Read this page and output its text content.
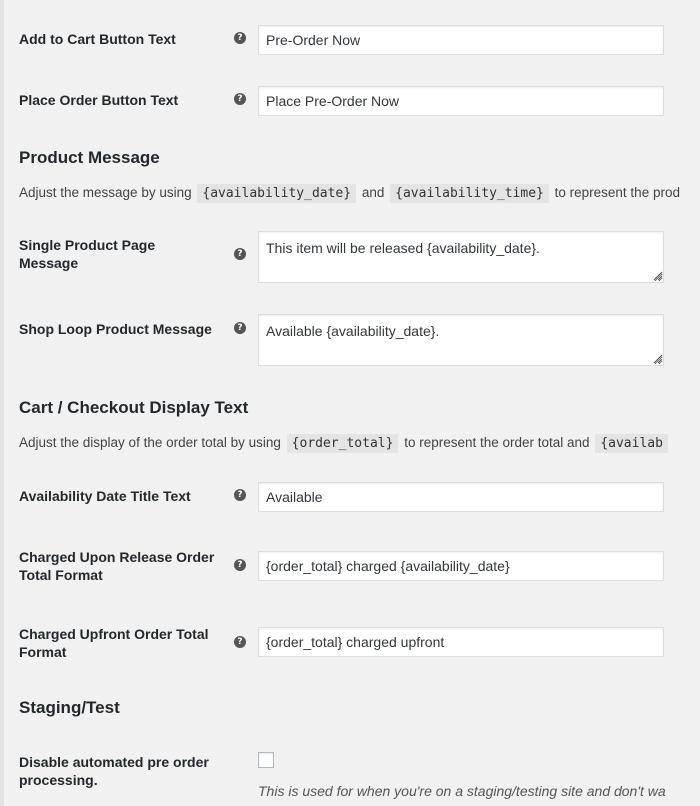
Add to Cart Button Text	?
Pre-Order Now
Place Order Button Text	?
Place Pre-Order Now
Product Message
Adjust the message by using {availability_date} and {availability_time} to represent the prod
Single Product Page Message
?
This item will be released {availability_date}.
Shop Loop Product Message	?
Available {availability_date}.
Cart / Checkout Display Text
Adjust the display of the order total by using {order_total} to represent the order total and {availab
Availability Date Title Text	?
Available
Charged Upon Release Order Total Format
?
{order_total} charged {availability_date}
Charged Upfront Order Total Format
?
{order_total} charged upfront
Staging/Test
Disable automated pre order processing.
This is used for when you're on a staging/testing site and don't wa
